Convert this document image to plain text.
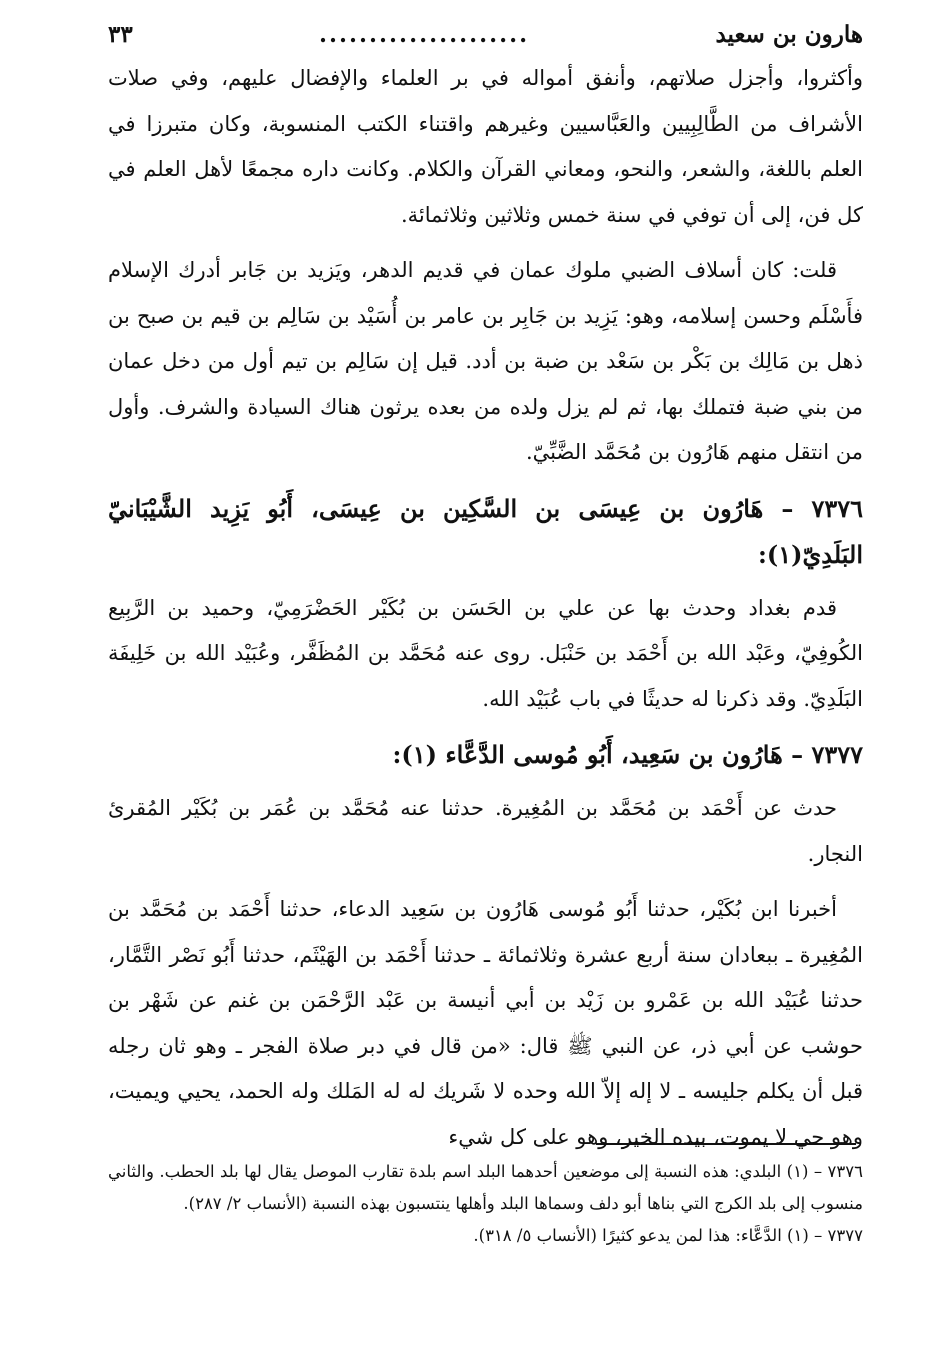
هارون بن سعيد
.....................
٣٣

وأكثروا، وأجزل صلاتهم، وأنفق أمواله في بر العلماء والإفضال عليهم، وفي صلات الأشراف من الطَّالِبِيين والعَبَّاسيين وغيرهم واقتناء الكتب المنسوبة، وكان متبرزا في العلم باللغة، والشعر، والنحو، ومعاني القرآن والكلام. وكانت داره مجمعًا لأهل العلم في كل فن، إلى أن توفي في سنة خمس وثلاثين وثلاثمائة.

قلت: كان أسلاف الضبي ملوك عمان في قديم الدهر، ويَزيد بن جَابر أدرك الإسلام فأَسْلَم وحسن إسلامه، وهو: يَزِيد بن جَابِر بن عامر بن أُسَيْد بن سَالِم بن قيم بن صبح بن ذهل بن مَالِك بن بَكْر بن سَعْد بن ضبة بن أدد. قيل إن سَالِم بن تيم أول من دخل عمان من بني ضبة فتملك بها، ثم لم يزل ولده من بعده يرثون هناك السيادة والشرف. وأول من انتقل منهم هَارُون بن مُحَمَّد الضَّبِّيّ.

٧٣٧٦ – هَارُون بن عِيسَى بن السَّكِين بن عِيسَى، أَبُو يَزِيد الشَّيْبَانيّ البَلَدِيّ(١):

قدم بغداد وحدث بها عن علي بن الحَسَن بن بُكَيْر الحَضْرَمِيّ، وحميد بن الرَّبِيع الكُوفِيّ، وعَبْد الله بن أَحْمَد بن حَنْبَل. روى عنه مُحَمَّد بن المُظَفَّر، وعُبَيْد الله بن خَلِيفَة البَلَدِيّ. وقد ذكرنا له حديثًا في باب عُبَيْد الله.

٧٣٧٧ – هَارُون بن سَعِيد، أَبُو مُوسى الدَّعَّاء (١):

حدث عن أَحْمَد بن مُحَمَّد بن المُغِيرة. حدثنا عنه مُحَمَّد بن عُمَر بن بُكَيْر المُقرئ النجار.

أخبرنا ابن بُكَيْر، حدثنا أَبُو مُوسى هَارُون بن سَعِيد الدعاء، حدثنا أَحْمَد بن مُحَمَّد بن المُغِيرة ـ ببعادان سنة أربع عشرة وثلاثمائة ـ حدثنا أَحْمَد بن الهَيْثَم، حدثنا أَبُو نَصْر التَّمَّار، حدثنا عُبَيْد الله بن عَمْرو بن زَيْد بن أبي أنيسة بن عَبْد الرَّحْمَن بن غنم عن شَهْر بن حوشب عن أبي ذر، عن النبي ﷺ قال: «من قال في دبر صلاة الفجر ـ وهو ثان رجله قبل أن يكلم جليسه ـ لا إله إلاّ الله وحده لا شَريك له له المَلك وله الحمد، يحيي ويميت، وهو حي لا يموت، بيده الخير، وهو على كل شيء

٧٣٧٦ – (١) البلدي: هذه النسبة إلى موضعين أحدهما البلد اسم بلدة تقارب الموصل يقال لها بلد الحطب. والثاني منسوب إلى بلد الكرج التي بناها أبو دلف وسماها البلد وأهلها ينتسبون بهذه النسبة (الأنساب ٢/ ٢٨٧).

٧٣٧٧ – (١) الدَّعَّاء: هذا لمن يدعو كثيرًا (الأنساب ٥/ ٣١٨).
